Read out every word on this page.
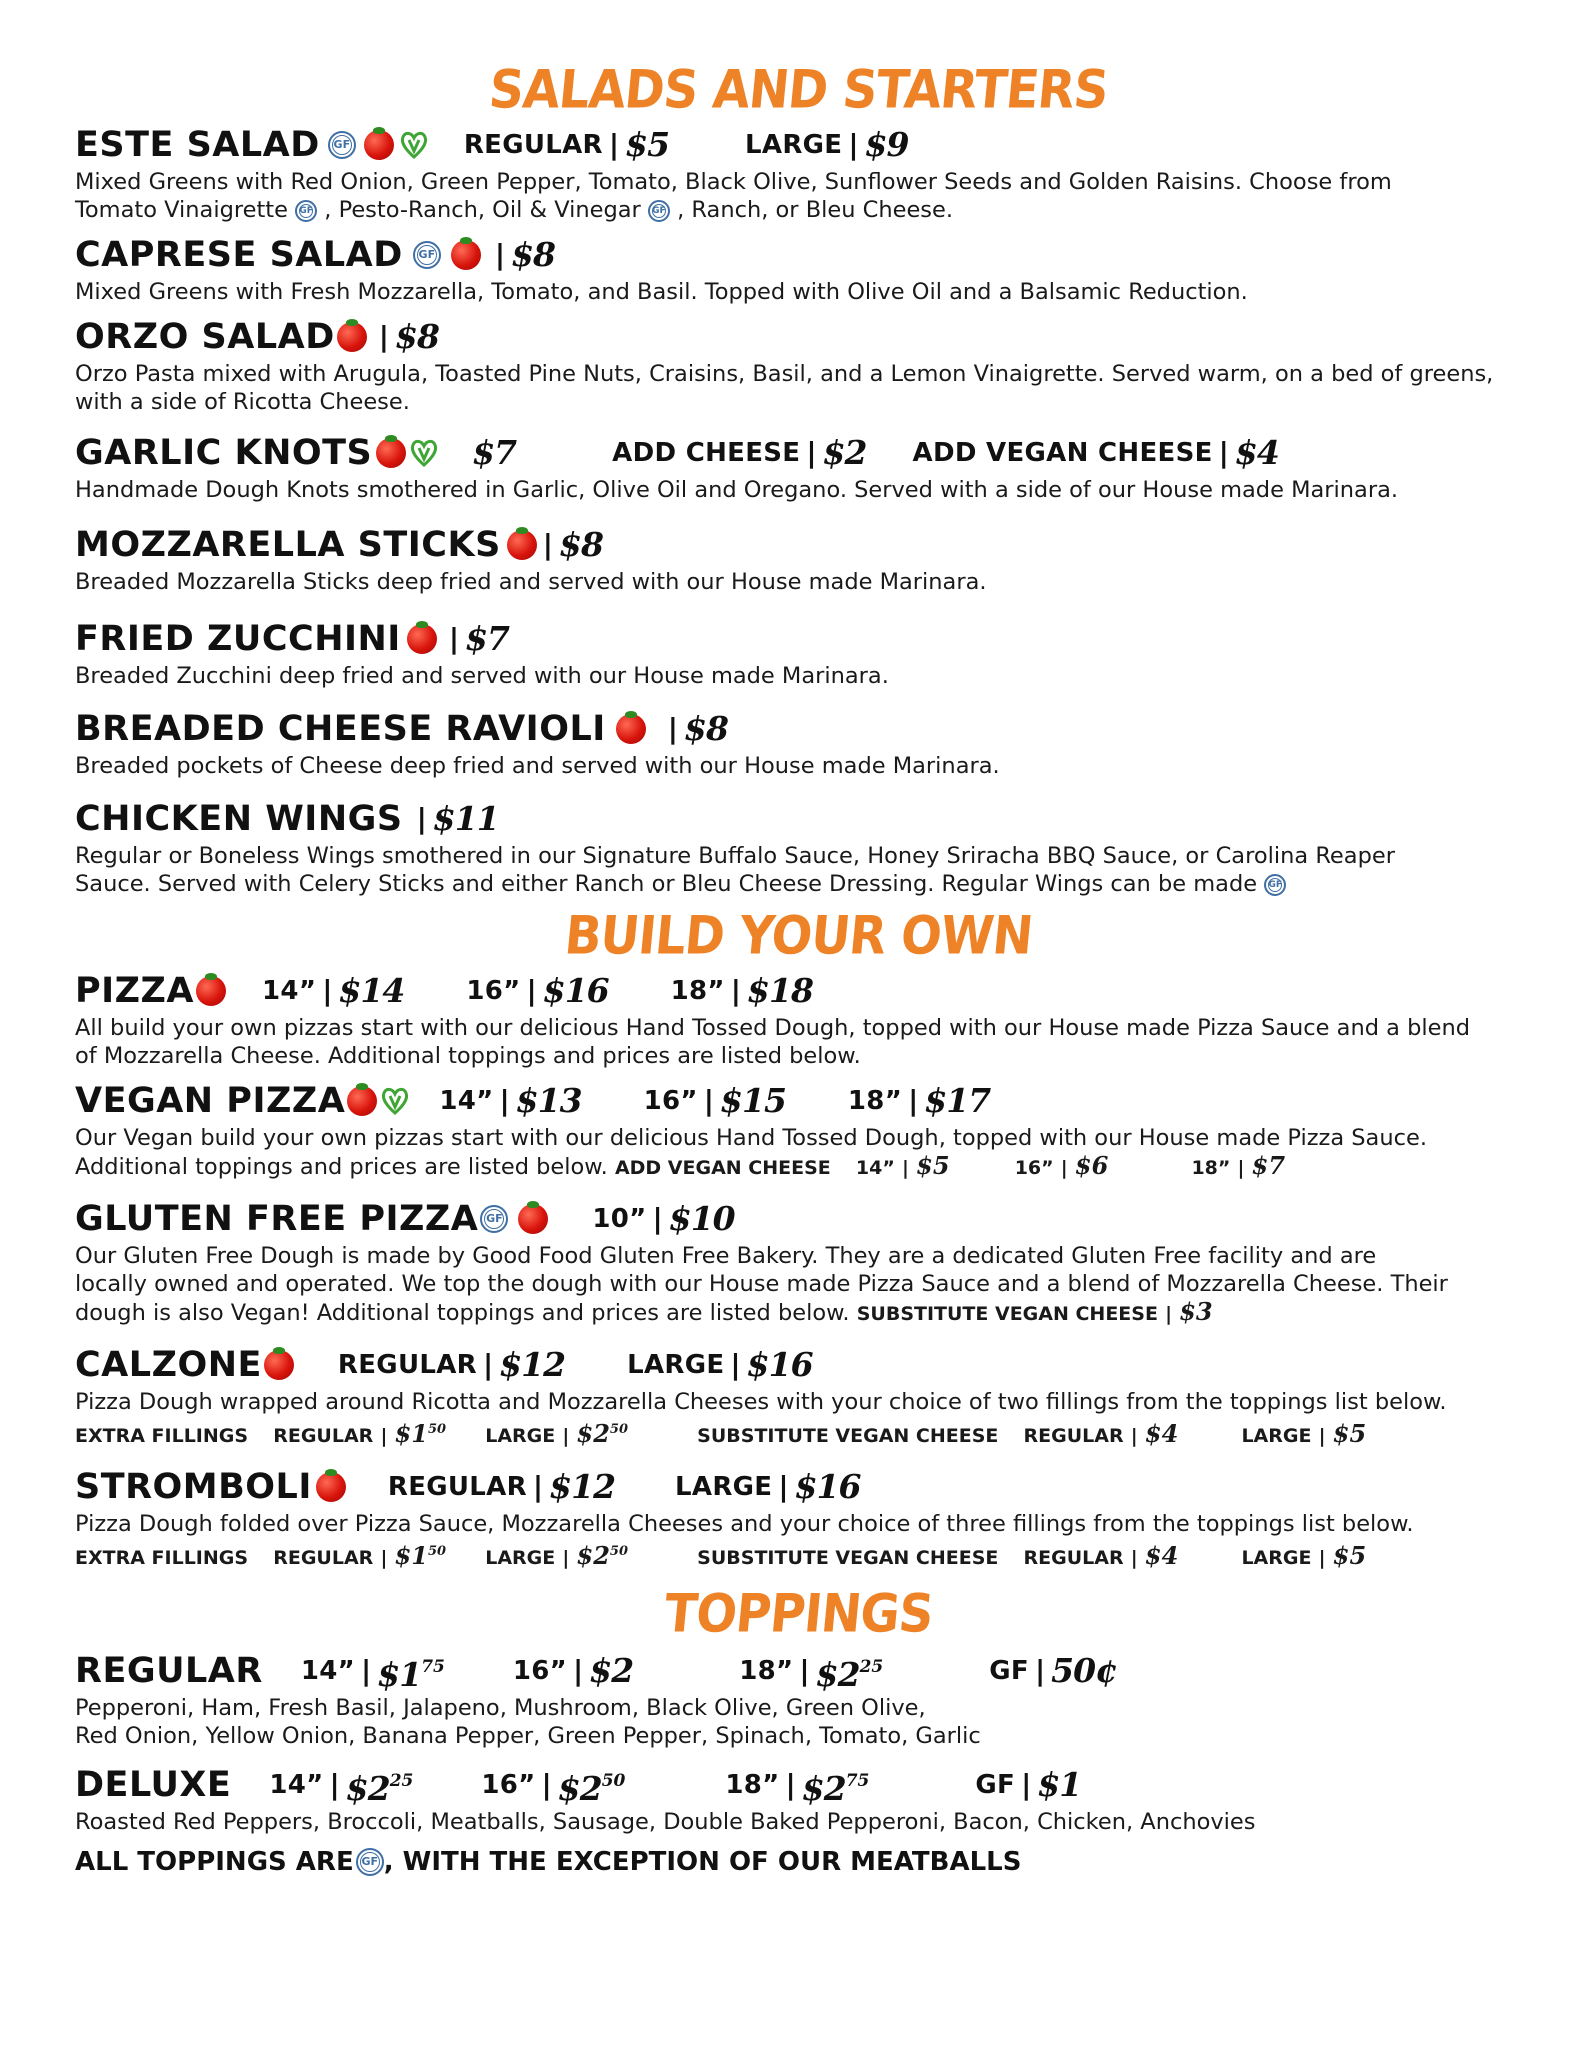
SALADS AND STARTERS
ESTE SALAD	GF	REGULAR | $5	LARGE | $9
Mixed Greens with Red Onion, Green Pepper, Tomato, Black Olive, Sunflower Seeds and Golden Raisins. Choose from
Tomato Vinaigrette GF , Pesto-Ranch, Oil & Vinegar GF , Ranch, or Bleu Cheese.
CAPRESE SALAD	GF | $8
Mixed Greens with Fresh Mozzarella, Tomato, and Basil. Topped with Olive Oil and a Balsamic Reduction.
ORZO SALAD | $8
Orzo Pasta mixed with Arugula, Toasted Pine Nuts, Craisins, Basil, and a Lemon Vinaigrette. Served warm, on a bed of greens, with a side of Ricotta Cheese.
GARLIC KNOTS	$7	ADD CHEESE | $2 ADD VEGAN CHEESE | $4
Handmade Dough Knots smothered in Garlic, Olive Oil and Oregano. Served with a side of our House made Marinara.
MOZZARELLA STICKS | $8
Breaded Mozzarella Sticks deep fried and served with our House made Marinara.
FRIED ZUCCHINI | $7
Breaded Zucchini deep fried and served with our House made Marinara.
BREADED CHEESE RAVIOLI | $8
Breaded pockets of Cheese deep fried and served with our House made Marinara.
CHICKEN WINGS | $11
Regular or Boneless Wings smothered in our Signature Buffalo Sauce, Honey Sriracha BBQ Sauce, or Carolina Reaper
Sauce. Served with Celery Sticks and either Ranch or Bleu Cheese Dressing. Regular Wings can be made GF
BUILD YOUR OWN
PIZZA	14” | $14 16” | $16 18” | $18
All build your own pizzas start with our delicious Hand Tossed Dough, topped with our House made Pizza Sauce and a blend of Mozzarella Cheese. Additional toppings and prices are listed below.
VEGAN PIZZA	14” | $13 16” | $15 18” | $17
Our Vegan build your own pizzas start with our delicious Hand Tossed Dough, topped with our House made Pizza Sauce.
Additional toppings and prices are listed below. ADD VEGAN CHEESE 14” | $5	16” | $6	18” | $7
GLUTEN FREE PIZZA GF	10” | $10
Our Gluten Free Dough is made by Good Food Gluten Free Bakery. They are a dedicated Gluten Free facility and are
locally owned and operated. We top the dough with our House made Pizza Sauce and a blend of Mozzarella Cheese. Their
dough is also Vegan! Additional toppings and prices are listed below. SUBSTITUTE VEGAN CHEESE | $3
CALZONE	REGULAR | $12 LARGE | $16
Pizza Dough wrapped around Ricotta and Mozzarella Cheeses with your choice of two fillings from the toppings list below.
EXTRA FILLINGS REGULAR | $\$1^{50}$ LARGE | $\$2^{50}$	SUBSTITUTE VEGAN CHEESE REGULAR | $4	LARGE | $5
STROMBOLI	REGULAR | $12 LARGE | $16
Pizza Dough folded over Pizza Sauce, Mozzarella Cheeses and your choice of three fillings from the toppings list below.
EXTRA FILLINGS REGULAR | $\$1^{50}$ LARGE | $\$2^{50}$	SUBSTITUTE VEGAN CHEESE REGULAR | $4	LARGE | $5
TOPPINGS
REGULAR 14” | $\$1^{75}$	16” | $2	18” | $\$2^{25}$	GF | 50¢
Pepperoni, Ham, Fresh Basil, Jalapeno, Mushroom, Black Olive, Green Olive,
Red Onion, Yellow Onion, Banana Pepper, Green Pepper, Spinach, Tomato, Garlic
DELUXE 14” | $\$2^{25}$	16” | $\$2^{50}$	18” | $\$2^{75}$	GF | $1
Roasted Red Peppers, Broccoli, Meatballs, Sausage, Double Baked Pepperoni, Bacon, Chicken, Anchovies
ALL TOPPINGS ARE GF , WITH THE EXCEPTION OF OUR MEATBALLS
